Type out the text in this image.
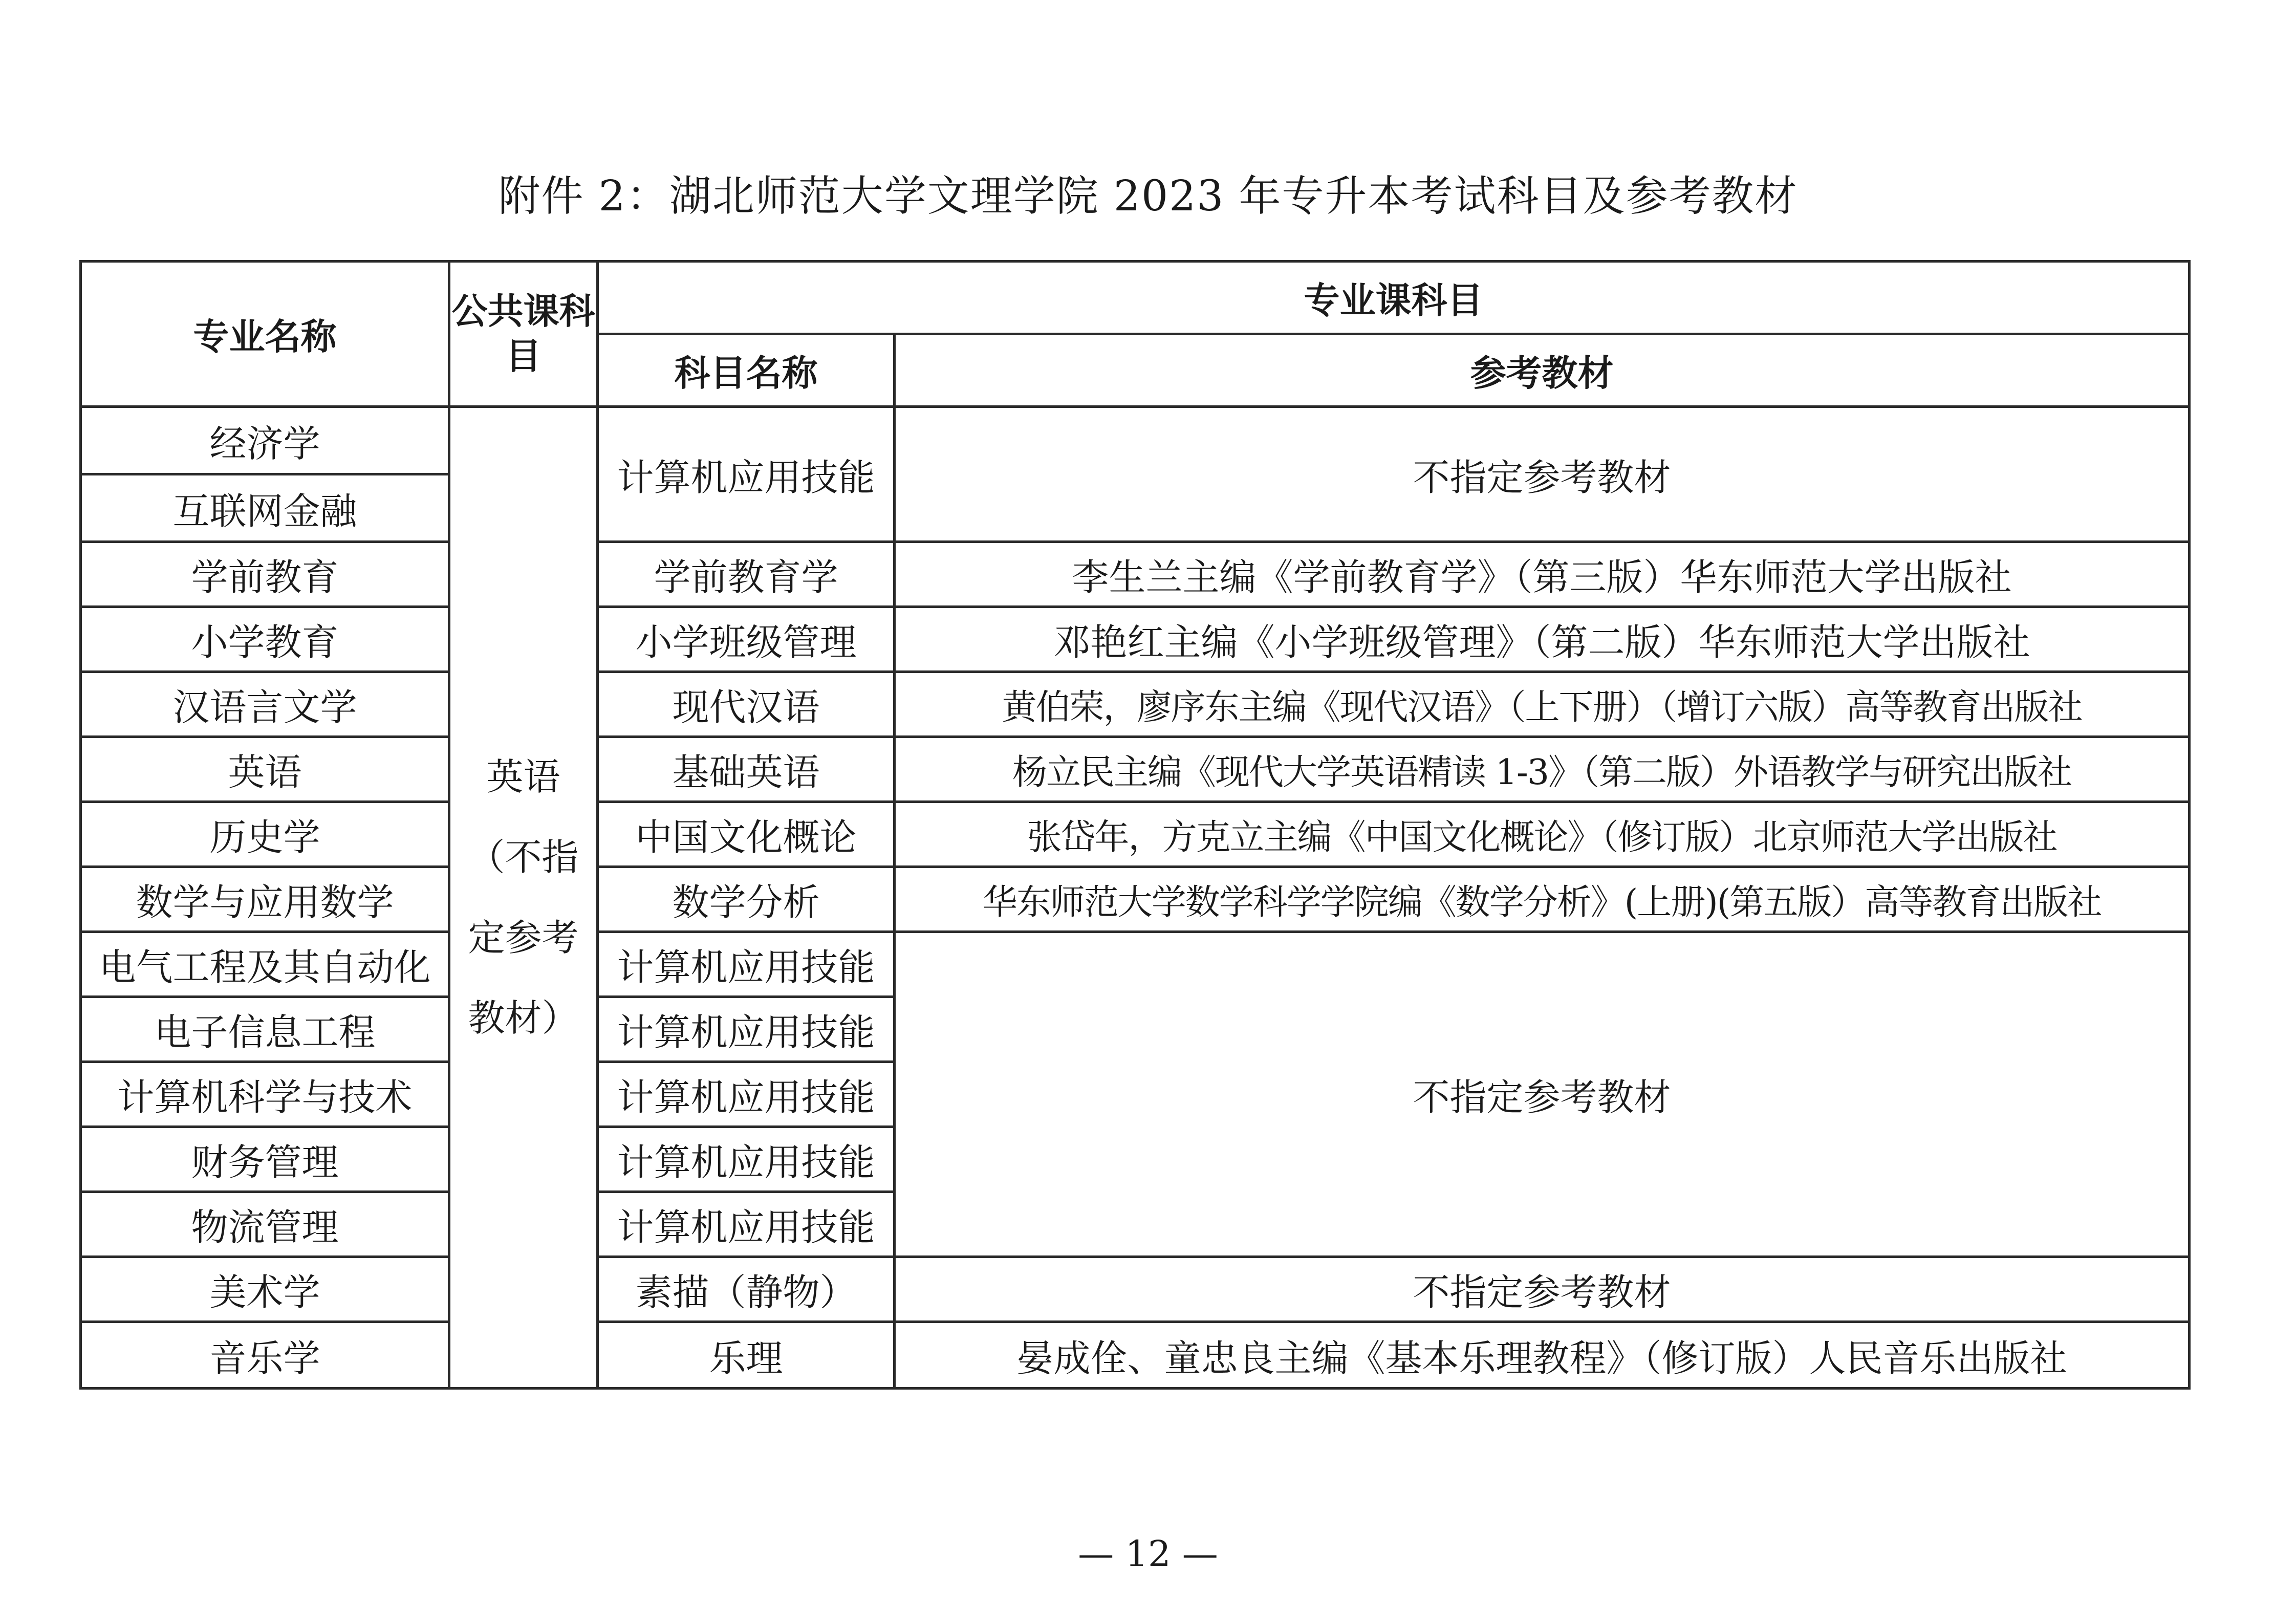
附件 2：湖北师范大学文理学院 2023 年专升本考试科目及参考教材
专业名称	公共课科目	专业课科目	
		科目名称	参考教材
经济学	英语（不指定参考教材）	计算机应用技能	不指定参考教材
互联网金融			
学前教育		学前教育学	李生兰主编《学前教育学》（第三版）华东师范大学出版社
小学教育		小学班级管理	邓艳红主编《小学班级管理》（第二版）华东师范大学出版社
汉语言文学		现代汉语	黄伯荣，廖序东主编《现代汉语》（上下册）（增订六版）高等教育出版社
英语		基础英语	杨立民主编《现代大学英语精读 1-3》（第二版）外语教学与研究出版社
历史学		中国文化概论	张岱年，方克立主编《中国文化概论》（修订版）北京师范大学出版社
数学与应用数学		数学分析	华东师范大学数学科学学院编《数学分析》(上册)(第五版）高等教育出版社
电气工程及其自动化		计算机应用技能	不指定参考教材
电子信息工程		计算机应用技能	
计算机科学与技术		计算机应用技能	
财务管理		计算机应用技能	
物流管理		计算机应用技能	
美术学		素描（静物）	不指定参考教材
音乐学		乐理	晏成佺、童忠良主编《基本乐理教程》（修订版）人民音乐出版社
— 12 —
